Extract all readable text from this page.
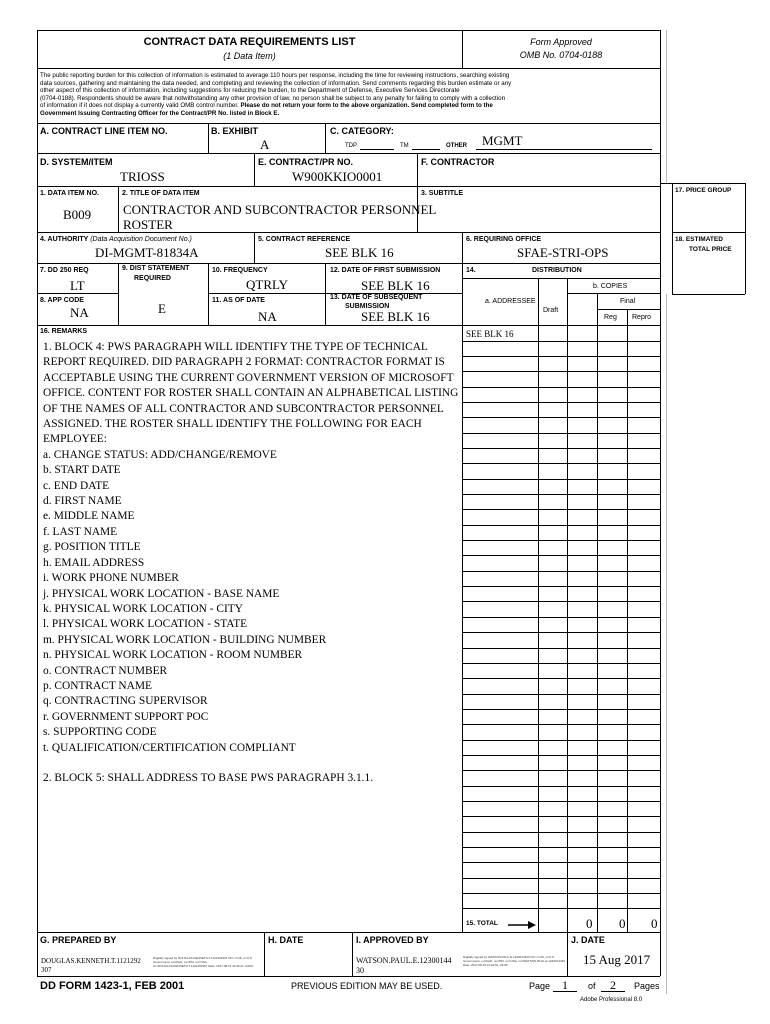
CONTRACT DATA REQUIREMENTS LIST
(1 Data Item)
Form Approved
OMB No. 0704-0188
The public reporting burden for this collection of information is estimated to average 110 hours per response, including the time for reviewing instructions, searching existing
data sources, gathering and maintaining the data needed, and completing and reviewing the collection of information. Send comments regarding this burden estimate or any
other aspect of this collection of information, including suggestions for reducing the burden, to the Department of Defense, Executive Services Directorate
(0704-0188). Respondents should be aware that notwithstanding any other provision of law, no person shall be subject to any penalty for failing to comply with a collection
of information if it does not display a currently valid OMB control number. Please do not return your form to the above organization. Send completed form to the
Government Issuing Contracting Officer for the Contract/PR No. listed in Block E.
A. CONTRACT LINE ITEM NO.	B. EXHIBIT
A
C. CATEGORY:
TDP	TM	OTHER MGMT
D. SYSTEM/ITEM
TRIOSS
E. CONTRACT/PR NO.
W900KKIO0001
F. CONTRACTOR
1. DATA ITEM NO.
B009
2. TITLE OF DATA ITEM
CONTRACTOR AND SUBCONTRACTOR PERSONNEL
ROSTER
3. SUBTITLE	17. PRICE GROUP
18. ESTIMATED
TOTAL PRICE
4. AUTHORITY (Data Acquisition Document No.)
DI-MGMT-81834A
5. CONTRACT REFERENCE
SEE BLK 16
6. REQUIRING OFFICE
SFAE-STRI-OPS
7. DD 250 REQ
LT
8. APP CODE
NA
9. DIST STATEMENT
REQUIRED
E
10. FREQUENCY
QTRLY
11. AS OF DATE
NA
12. DATE OF FIRST SUBMISSION
SEE BLK 16
13. DATE OF SUBSEQUENT
SUBMISSION
SEE BLK 16
14.	DISTRIBUTION
b. COPIES
a. ADDRESSEE
Draft
Final
Reg Repro
16. REMARKS	SEE BLK 16
1. BLOCK 4: PWS PARAGRAPH WILL IDENTIFY THE TYPE OF TECHNICAL
REPORT REQUIRED. DID PARAGRAPH 2 FORMAT: CONTRACTOR FORMAT IS
ACCEPTABLE USING THE CURRENT GOVERNMENT VERSION OF MICROSOFT
OFFICE. CONTENT FOR ROSTER SHALL CONTAIN AN ALPHABETICAL LISTING
OF THE NAMES OF ALL CONTRACTOR AND SUBCONTRACTOR PERSONNEL
ASSIGNED. THE ROSTER SHALL IDENTIFY THE FOLLOWING FOR EACH
EMPLOYEE:
a. CHANGE STATUS: ADD/CHANGE/REMOVE
b. START DATE
c. END DATE
d. FIRST NAME
e. MIDDLE NAME
f. LAST NAME
g. POSITION TITLE
h. EMAIL ADDRESS
i. WORK PHONE NUMBER
j. PHYSICAL WORK LOCATION - BASE NAME
k. PHYSICAL WORK LOCATION - CITY
l. PHYSICAL WORK LOCATION - STATE
m. PHYSICAL WORK LOCATION - BUILDING NUMBER
n. PHYSICAL WORK LOCATION - ROOM NUMBER
o. CONTRACT NUMBER
p. CONTRACT NAME
q. CONTRACTING SUPERVISOR
r. GOVERNMENT SUPPORT POC
s. SUPPORTING CODE
t. QUALIFICATION/CERTIFICATION COMPLIANT

2. BLOCK 5: SHALL ADDRESS TO BASE PWS PARAGRAPH 3.1.1.
15. TOTAL	0 0 0
G. PREPARED BY
DOUGLAS.KENNETH.T.1121292
307
Digitally signed by DOUGLAS.KENNETH.T.1121292307 DN: c=US, o=U.S. Government, ou=DoD, ou=PKI, ou=USA, cn=DOUGLAS.KENNETH.T.1121292307 Date: 2017.08.15 10:40:21 -04'00'
H. DATE	I. APPROVED BY
WATSON.PAUL.E.12300144
30
Digitally signed by WATSON.PAUL.E.1230014430 DN: c=US, o=U.S. Government, ou=DoD, ou=PKI, ou=USA, cn=WATSON.PAUL.E.1230014430 Date: 2017.08.15 11:02:54 -04'00'
J. DATE
15 Aug 2017
DD FORM 1423-1, FEB 2001	PREVIOUS EDITION MAY BE USED.	Page 1	of	2	Pages
Adobe Professional 8.0
